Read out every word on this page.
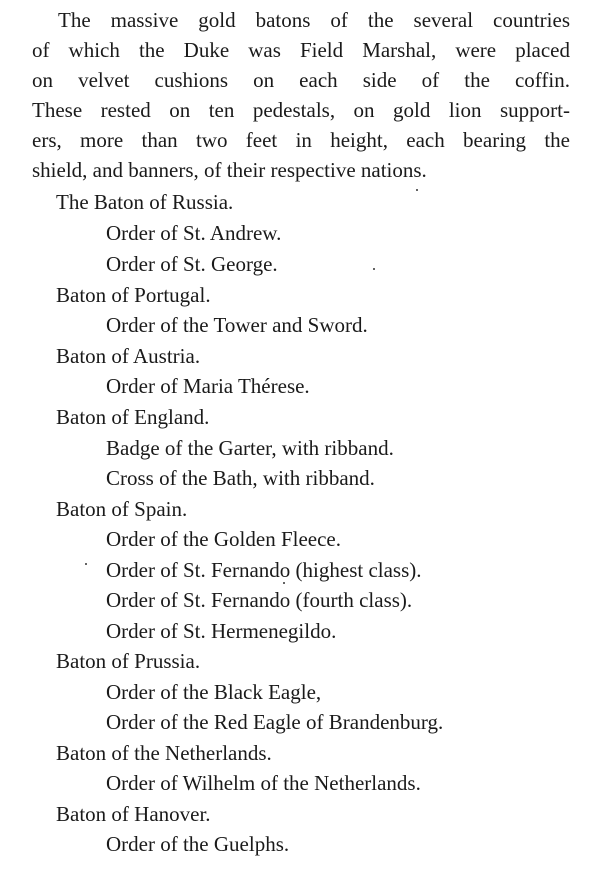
The massive gold batons of the several countries
of which the Duke was Field Marshal, were placed
on velvet cushions on each side of the coffin.
These rested on ten pedestals, on gold lion support-
ers, more than two feet in height, each bearing the
shield, and banners, of their respective nations.
The Baton of Russia.
Order of St. Andrew.
Order of St. George.
Baton of Portugal.
Order of the Tower and Sword.
Baton of Austria.
Order of Maria Thérese.
Baton of England.
Badge of the Garter, with ribband.
Cross of the Bath, with ribband.
Baton of Spain.
Order of the Golden Fleece.
Order of St. Fernando (highest class).
Order of St. Fernando (fourth class).
Order of St. Hermenegildo.
Baton of Prussia.
Order of the Black Eagle,
Order of the Red Eagle of Brandenburg.
Baton of the Netherlands.
Order of Wilhelm of the Netherlands.
Baton of Hanover.
Order of the Guelphs.
